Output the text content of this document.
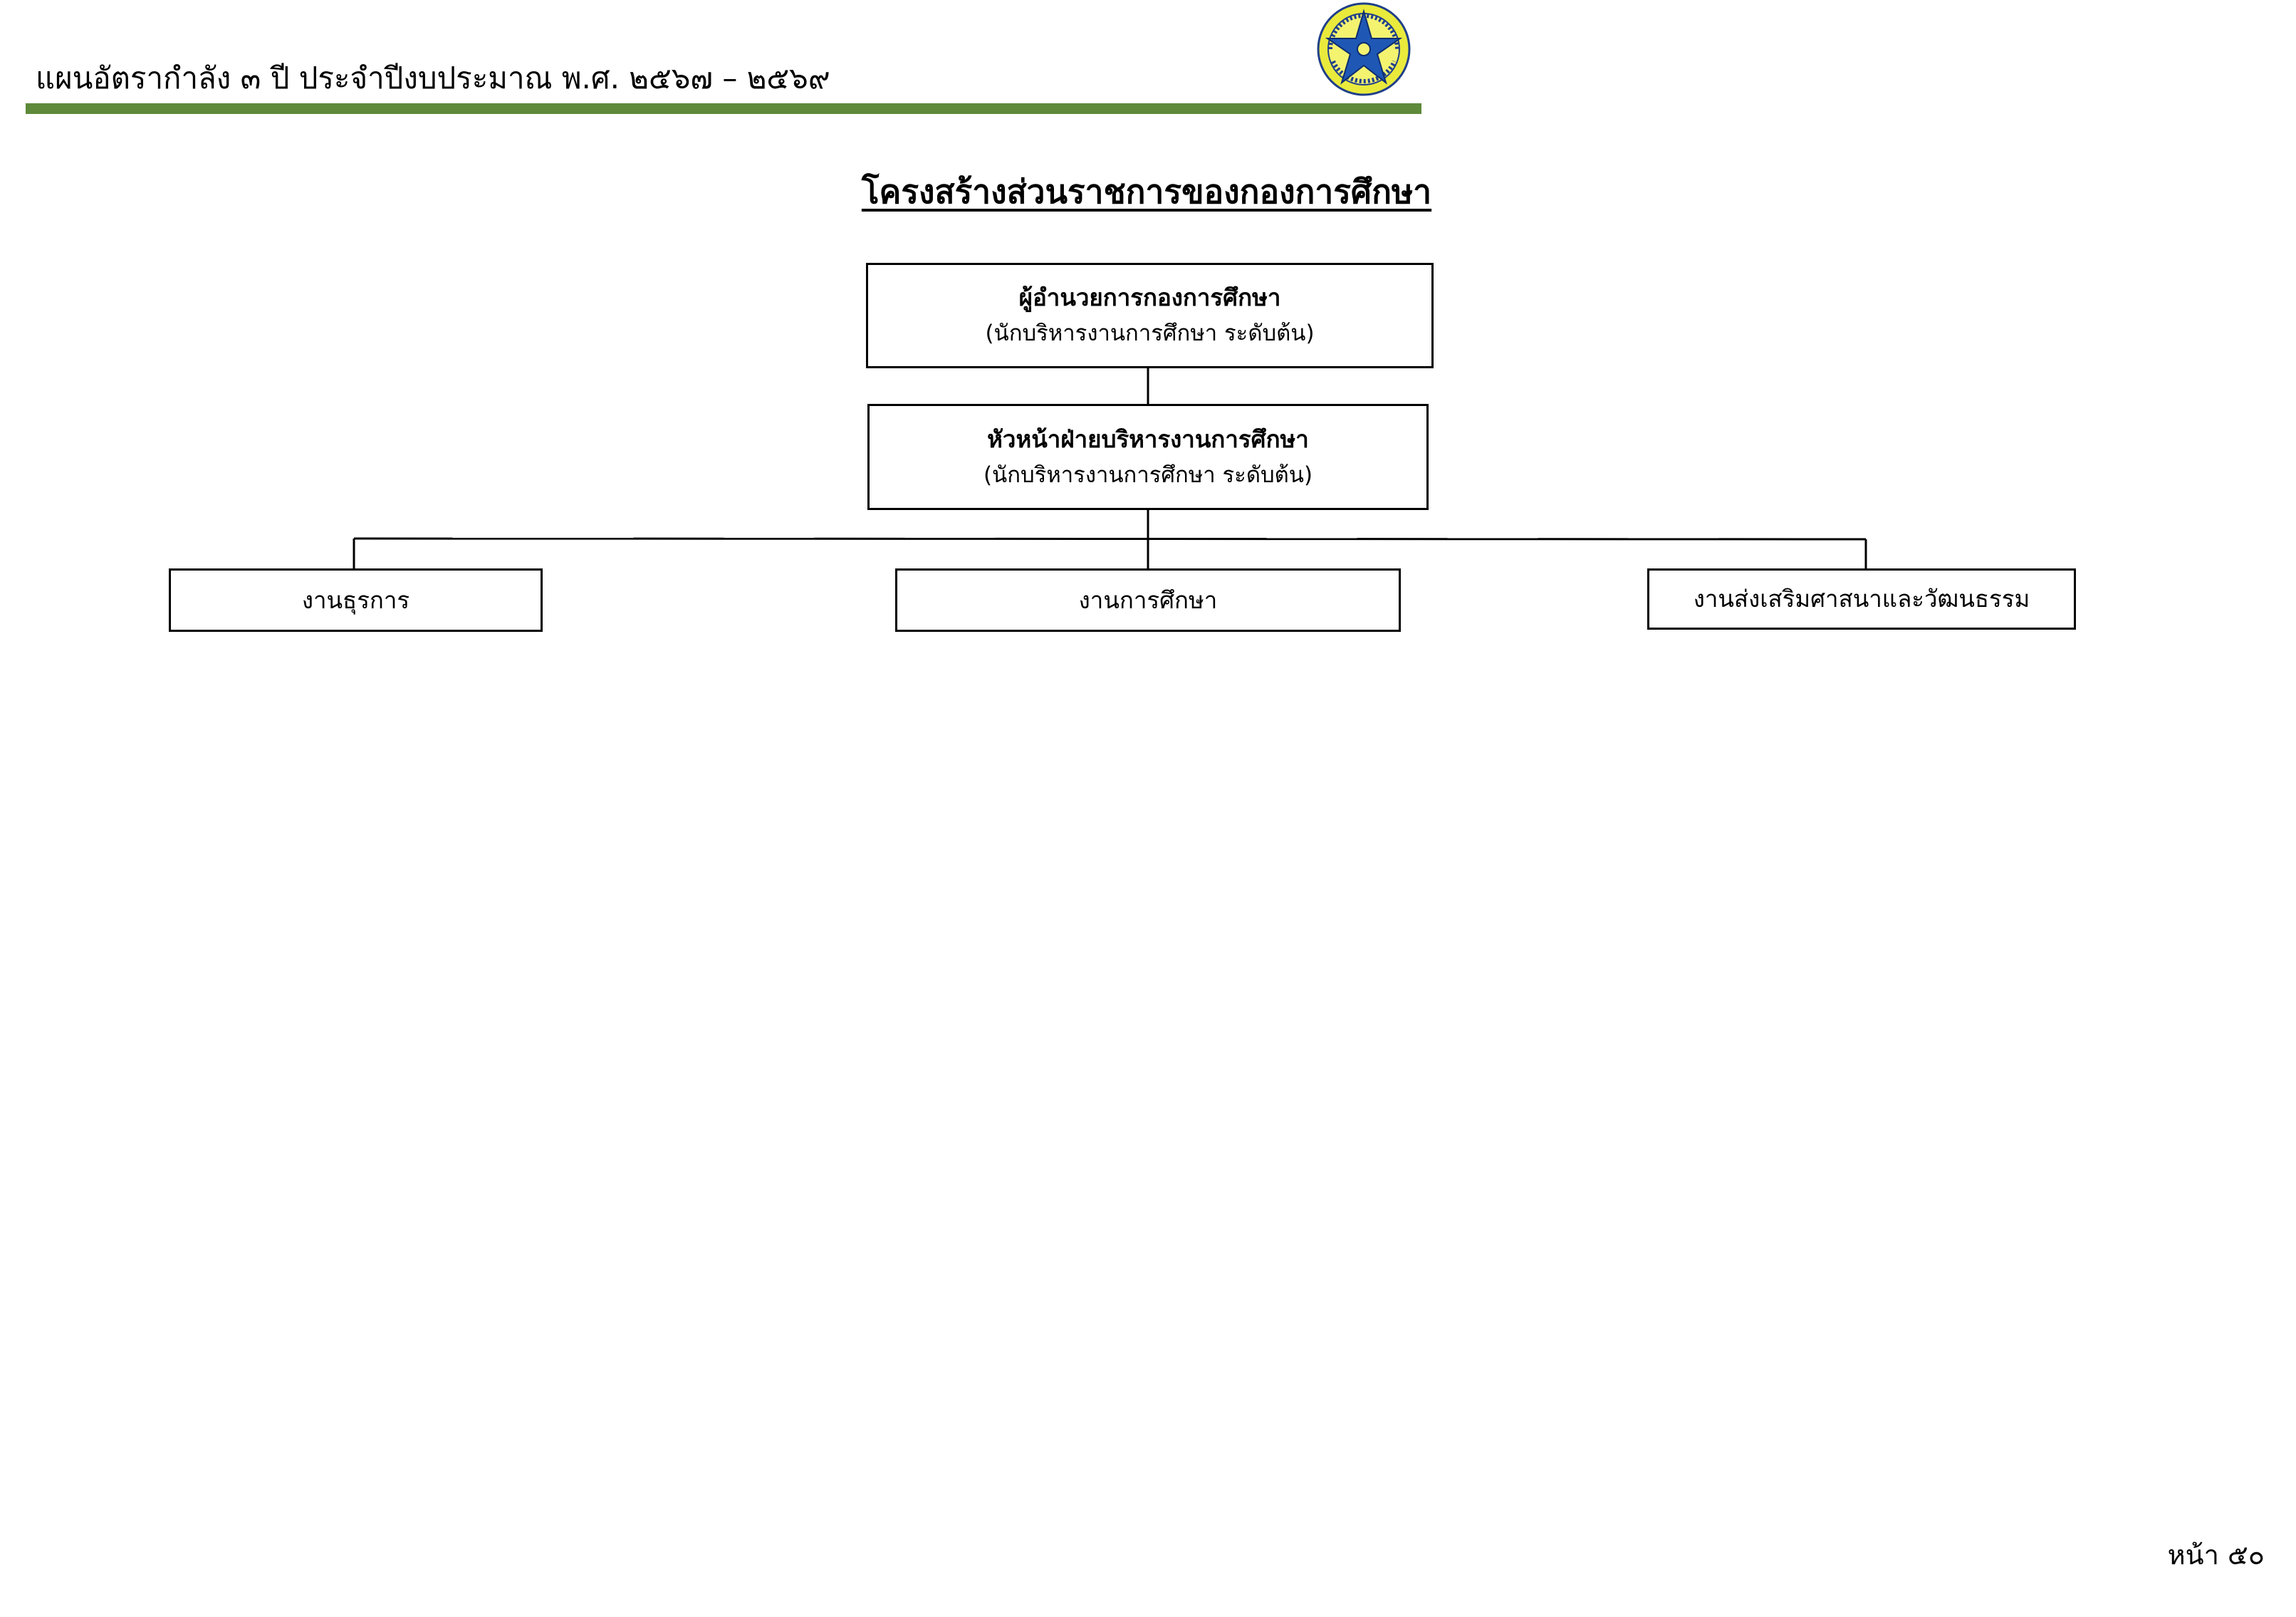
แผนอัตรากำลัง ๓ ปี ประจำปีงบประมาณ พ.ศ. ๒๕๖๗ – ๒๕๖๙
โครงสร้างส่วนราชการของกองการศึกษา
ผู้อำนวยการกองการศึกษา
(นักบริหารงานการศึกษา ระดับต้น)
หัวหน้าฝ่ายบริหารงานการศึกษา
(นักบริหารงานการศึกษา ระดับต้น)
งานธุรการ	งานการศึกษา	งานส่งเสริมศาสนาและวัฒนธรรม
หน้า ๕๐
